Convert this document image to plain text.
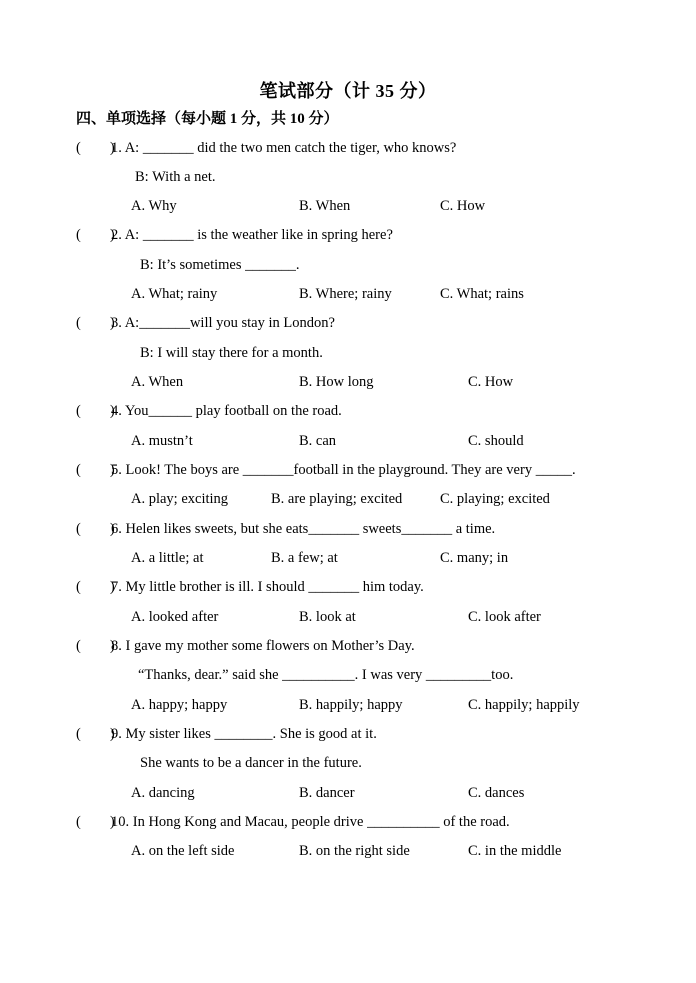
笔试部分（计 35 分）
四、单项选择（每小题 1 分，共 10 分）
(        )
1. A: _______ did the two men catch the tiger, who knows?
B: With a net.
A. Why	B. When	C. How
(        )
2. A: _______ is the weather like in spring here?
B: It’s sometimes _______.
A. What; rainy	B. Where; rainy	C. What; rains
(        )
3. A:_______will you stay in London?
B: I will stay there for a month.
A. When	B. How long	C. How
(        )
4. You______ play football on the road.
A. mustn’t	B. can	C. should
(        )
5. Look! The boys are _______football in the playground. They are very _____.
A. play; exciting	B. are playing; excited	C. playing; excited
(        )
6. Helen likes sweets, but she eats_______ sweets_______ a time.
A. a little; at	B. a few; at	C. many; in
(        )
7. My little brother is ill. I should _______ him today.
A. looked after	B. look at	C. look after
(        )
8. I gave my mother some flowers on Mother’s Day.
“Thanks, dear.” said she __________. I was very _________too.
A. happy; happy	B. happily; happy	C. happily; happily
(        )
9. My sister likes ________. She is good at it.
She wants to be a dancer in the future.
A. dancing	B. dancer	C. dances
(        )
10. In Hong Kong and Macau, people drive __________ of the road.
A. on the left side	B. on the right side	C. in the middle
